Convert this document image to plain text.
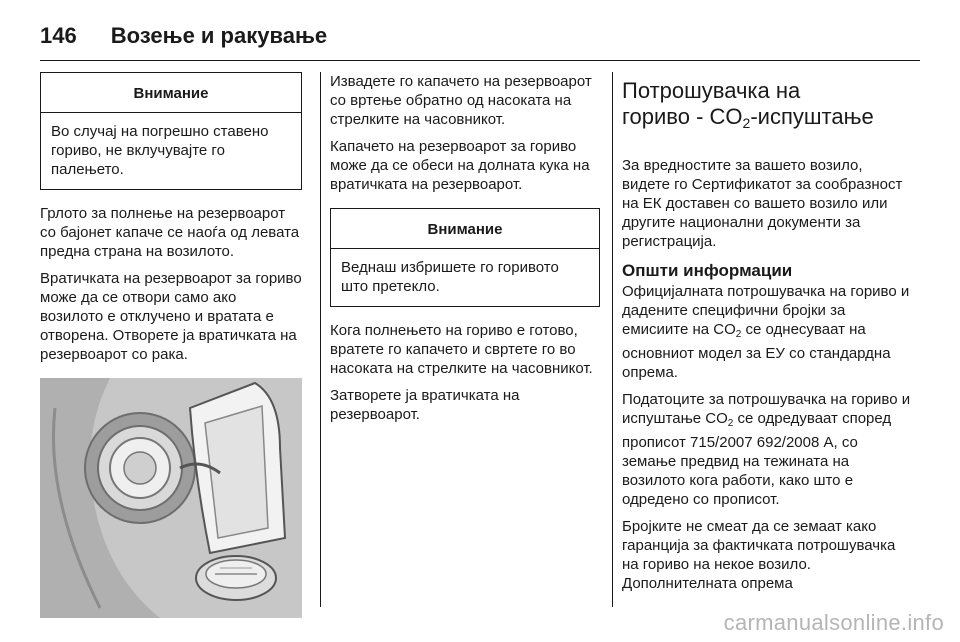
146 Возење и ракување
Внимание
Во случај на погрешно ставено гориво, не вклучувајте го палењето.

Грлото за полнење на резервоарот со бајонет капаче се наоѓа од левата предна страна на возилото.

Вратичката на резервоарот за гориво може да се отвори само ако возилото е отклучено и вратата е отворена. Отворете ја вратичката на резервоарот со рака.

Извадете го капачето на резервоарот со вртење обратно од насоката на стрелките на часовникот.

Капачето на резервоарот за гориво може да се обеси на долната кука на вратичката на резервоарот.

Внимание
Веднаш избришете го горивото што претекло.

Кога полнењето на гориво е готово, вратете го капачето и свртете го во насоката на стрелките на часовникот.

Затворете ја вратичката на резервоарот.

Потрошувачка на
гориво - $CO_2$-испуштање

За вредностите за вашето возило, видете го Сертификатот за сообразност на ЕК доставен со вашето возило или другите национални документи за регистрација.

Општи информации

Официјалната потрошувачка на гориво и дадените специфични бројки за емисиите на $CO_2$ се однесуваат на основниот модел за ЕУ со стандардна опрема.

Податоците за потрошувачка на гориво и испуштање $CO_2$ се одредуваат според прописот 715/2007 692/2008 A, со земање предвид на тежината на возилото кога работи, како што е одредено со прописот.

Бројките не смеат да се земаат како гаранција за фактичката потрошувачка на гориво на некое возило. Дополнителната опрема

carmanualsonline.info
